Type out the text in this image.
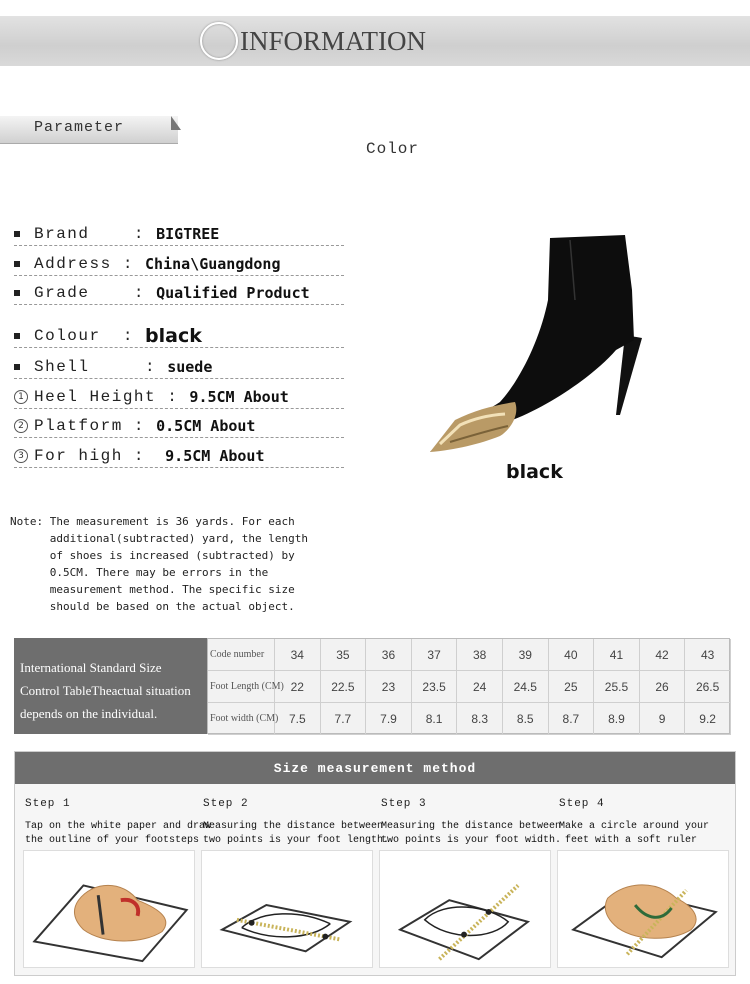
INFORMATION
Parameter
Color
Brand    : BIGTREE
Address : China\Guangdong
Grade    : Qualified Product
Colour  : black
Shell     : suede
1 Heel Height : 9.5CM About
2 Platform : 0.5CM About
3 For high : 9.5CM About
black
Note: The measurement is 36 yards. For each
additional(subtracted) yard, the length
of shoes is increased (subtracted) by
0.5CM. There may be errors in the
measurement method. The specific size
should be based on the actual object.
International Standard Size
Control TableTheactual situation
depends on the individual.
Code number	34	35	36	37	38	39	40	41	42	43
Foot Length (CM) 22	22.5	23	23.5	24	24.5	25	25.5	26	26.5
Foot width (CM) 7.5	7.7	7.9	8.1	8.3	8.5	8.7	8.9	9	9.2
Size measurement method
Step 1
Tap on the white paper and draw
the outline of your footsteps
Step 2
Measuring the distance between
two points is your foot length.
Step 3
Measuring the distance between
two points is your foot width.
Step 4
Make a circle around your
feet with a soft ruler
